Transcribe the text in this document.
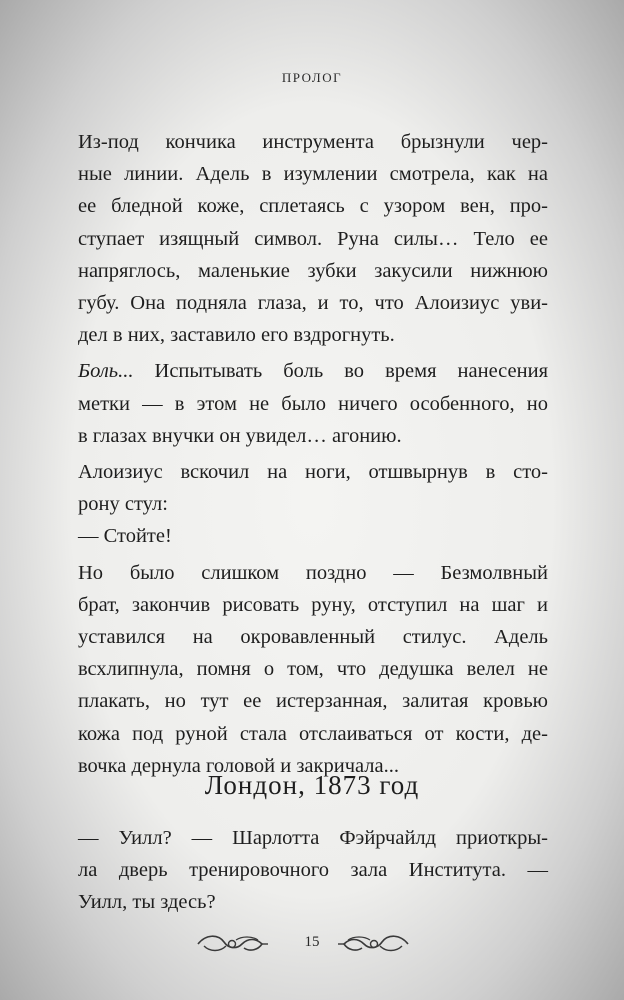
ПРОЛОГ

Из-под кончика инструмента брызнули чер-
ные линии. Адель в изумлении смотрела, как на
ее бледной коже, сплетаясь с узором вен, про-
ступает изящный символ. Руна силы… Тело ее
напряглось, маленькие зубки закусили нижнюю
губу. Она подняла глаза, и то, что Алоизиус уви-
дел в них, заставило его вздрогнуть.

Боль... Испытывать боль во время нанесения
метки — в этом не было ничего особенного, но
в глазах внучки он увидел… агонию.

Алоизиус вскочил на ноги, отшвырнув в сто-
рону стул:

— Стойте!

Но было слишком поздно — Безмолвный
брат, закончив рисовать руну, отступил на шаг и
уставился на окровавленный стилус. Адель
всхлипнула, помня о том, что дедушка велел не
плакать, но тут ее истерзанная, залитая кровью
кожа под руной стала отслаиваться от кости, де-
вочка дернула головой и закричала...

Лондон, 1873 год

— Уилл? — Шарлотта Фэйрчайлд приоткры-
ла дверь тренировочного зала Института. —
Уилл, ты здесь?

15
